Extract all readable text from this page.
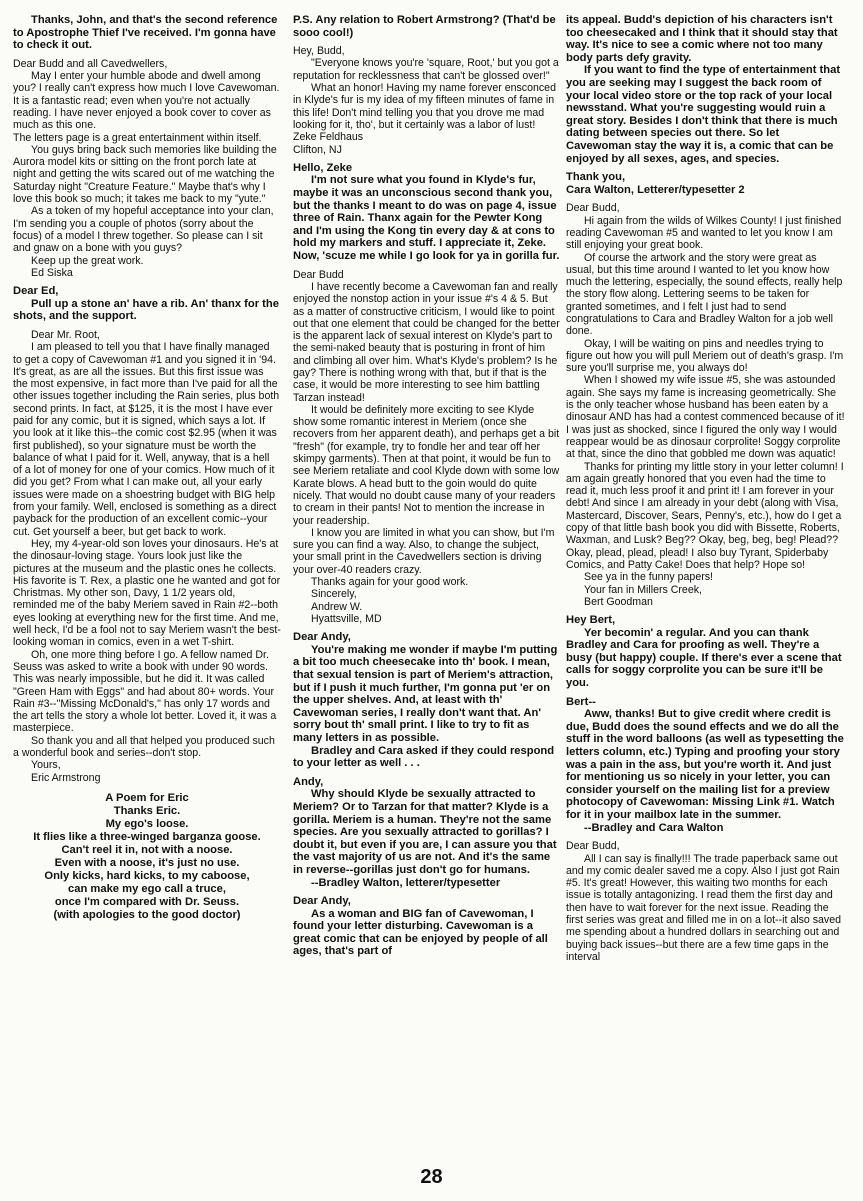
Thanks, John, and that's the second reference to Apostrophe Thief I've received. I'm gonna have to check it out.

Dear Budd and all Cavedwellers,

May I enter your humble abode and dwell among you? I really can't express how much I love Cavewoman. It is a fantastic read; even when you're not actually reading. I have never enjoyed a book cover to cover as much as this one.

The letters page is a great entertainment within itself.

You guys bring back such memories like building the Aurora model kits or sitting on the front porch late at night and getting the wits scared out of me watching the Saturday night "Creature Feature." Maybe that's why I love this book so much; it takes me back to my "yute."

As a token of my hopeful acceptance into your clan, I'm sending you a couple of photos (sorry about the focus) of a model I threw together. So please can I sit and gnaw on a bone with you guys?

Keep up the great work.

Ed Siska

Dear Ed,

Pull up a stone an' have a rib. An' thanx for the shots, and the support.

Dear Mr. Root,

I am pleased to tell you that I have finally managed to get a copy of Cavewoman #1 and you signed it in '94. It's great, as are all the issues. But this first issue was the most expensive, in fact more than I've paid for all the other issues together including the Rain series, plus both second prints. In fact, at $125, it is the most I have ever paid for any comic, but it is signed, which says a lot. If you look at it like this--the comic cost $2.95 (when it was first published), so your signature must be worth the balance of what I paid for it. Well, anyway, that is a hell of a lot of money for one of your comics. How much of it did you get? From what I can make out, all your early issues were made on a shoestring budget with BIG help from your family. Well, enclosed is something as a direct payback for the production of an excellent comic--your cut. Get yourself a beer, but get back to work.

Hey, my 4-year-old son loves your dinosaurs. He's at the dinosaur-loving stage. Yours look just like the pictures at the museum and the plastic ones he collects. His favorite is T. Rex, a plastic one he wanted and got for Christmas. My other son, Davy, 1 1/2 years old, reminded me of the baby Meriem saved in Rain #2--both eyes looking at everything new for the first time. And me, well heck, I'd be a fool not to say Meriem wasn't the best-looking woman in comics, even in a wet T-shirt.

Oh, one more thing before I go. A fellow named Dr. Seuss was asked to write a book with under 90 words. This was nearly impossible, but he did it. It was called "Green Ham with Eggs" and had about 80+ words. Your Rain #3--"Missing McDonald's," has only 17 words and the art tells the story a whole lot better. Loved it, it was a masterpiece.

So thank you and all that helped you produced such a wonderful book and series--don't stop.

Yours,

Eric Armstrong

A Poem for Eric
Thanks Eric.
My ego's loose.
It flies like a three-winged barganza goose.
Can't reel it in, not with a noose.
Even with a noose, it's just no use.
Only kicks, hard kicks, to my caboose,
can make my ego call a truce,
once I'm compared with Dr. Seuss.
(with apologies to the good doctor)

P.S. Any relation to Robert Armstrong? (That'd be sooo cool!)

Hey, Budd,

"Everyone knows you're 'square, Root,' but you got a reputation for recklessness that can't be glossed over!"

What an honor! Having my name forever ensconced in Klyde's fur is my idea of my fifteen minutes of fame in this life! Don't mind telling you that you drove me mad looking for it, tho', but it certainly was a labor of lust!

Zeke Feldhaus

Clifton, NJ

Hello, Zeke

I'm not sure what you found in Klyde's fur, maybe it was an unconscious second thank you, but the thanks I meant to do was on page 4, issue three of Rain. Thanx again for the Pewter Kong and I'm using the Kong tin every day & at cons to hold my markers and stuff. I appreciate it, Zeke. Now, 'scuze me while I go look for ya in gorilla fur.

Dear Budd

I have recently become a Cavewoman fan and really enjoyed the nonstop action in your issue #'s 4 & 5. But as a matter of constructive criticism, I would like to point out that one element that could be changed for the better is the apparent lack of sexual interest on Klyde's part to the semi-naked beauty that is posturing in front of him and climbing all over him. What's Klyde's problem? Is he gay? There is nothing wrong with that, but if that is the case, it would be more interesting to see him battling Tarzan instead!

It would be definitely more exciting to see Klyde show some romantic interest in Meriem (once she recovers from her apparent death), and perhaps get a bit "fresh" (for example, try to fondle her and tear off her skimpy garments). Then at that point, it would be fun to see Meriem retaliate and cool Klyde down with some low Karate blows. A head butt to the goin would do quite nicely. That would no doubt cause many of your readers to cream in their pants! Not to mention the increase in your readership.

I know you are limited in what you can show, but I'm sure you can find a way. Also, to change the subject, your small print in the Cavedwellers section is driving your over-40 readers crazy.

Thanks again for your good work.

Sincerely,

Andrew W.

Hyattsville, MD

Dear Andy,

You're making me wonder if maybe I'm putting a bit too much cheesecake into th' book. I mean, that sexual tension is part of Meriem's attraction, but if I push it much further, I'm gonna put 'er on the upper shelves. And, at least with th' Cavewoman series, I really don't want that. An' sorry bout th' small print. I like to try to fit as many letters in as possible.

Bradley and Cara asked if they could respond to your letter as well . . .

Andy,

Why should Klyde be sexually attracted to Meriem? Or to Tarzan for that matter? Klyde is a gorilla. Meriem is a human. They're not the same species. Are you sexually attracted to gorillas? I doubt it, but even if you are, I can assure you that the vast majority of us are not. And it's the same in reverse--gorillas just don't go for humans.

--Bradley Walton, letterer/typesetter

Dear Andy,

As a woman and BIG fan of Cavewoman, I found your letter disturbing. Cavewoman is a great comic that can be enjoyed by people of all ages, that's part of

its appeal. Budd's depiction of his characters isn't too cheesecaked and I think that it should stay that way. It's nice to see a comic where not too many body parts defy gravity.

If you want to find the type of entertainment that you are seeking may I suggest the back room of your local video store or the top rack of your local newsstand. What you're suggesting would ruin a great story. Besides I don't think that there is much dating between species out there. So let Cavewoman stay the way it is, a comic that can be enjoyed by all sexes, ages, and species.

Thank you,

Cara Walton, Letterer/typesetter 2

Dear Budd,

Hi again from the wilds of Wilkes County! I just finished reading Cavewoman #5 and wanted to let you know I am still enjoying your great book.

Of course the artwork and the story were great as usual, but this time around I wanted to let you know how much the lettering, especially, the sound effects, really help the story flow along. Lettering seems to be taken for granted sometimes, and I felt I just had to send congratulations to Cara and Bradley Walton for a job well done.

Okay, I will be waiting on pins and needles trying to figure out how you will pull Meriem out of death's grasp. I'm sure you'll surprise me, you always do!

When I showed my wife issue #5, she was astounded again. She says my fame is increasing geometrically. She is the only teacher whose husband has been eaten by a dinosaur AND has had a contest commenced because of it! I was just as shocked, since I figured the only way I would reappear would be as dinosaur corprolite! Soggy corprolite at that, since the dino that gobbled me down was aquatic!

Thanks for printing my little story in your letter column! I am again greatly honored that you even had the time to read it, much less proof it and print it! I am forever in your debt! And since I am already in your debt (along with Visa, Mastercard, Discover, Sears, Penny's, etc.), how do I get a copy of that little bash book you did with Bissette, Roberts, Waxman, and Lusk? Beg?? Okay, beg, beg, beg! Plead?? Okay, plead, plead, plead! I also buy Tyrant, Spiderbaby Comics, and Patty Cake! Does that help? Hope so!

See ya in the funny papers!

Your fan in Millers Creek,

Bert Goodman

Hey Bert,

Yer becomin' a regular. And you can thank Bradley and Cara for proofing as well. They're a busy (but happy) couple. If there's ever a scene that calls for soggy corprolite you can be sure it'll be you.

Bert--

Aww, thanks! But to give credit where credit is due, Budd does the sound effects and we do all the stuff in the word balloons (as well as typesetting the letters column, etc.) Typing and proofing your story was a pain in the ass, but you're worth it. And just for mentioning us so nicely in your letter, you can consider yourself on the mailing list for a preview photocopy of Cavewoman: Missing Link #1. Watch for it in your mailbox late in the summer.

--Bradley and Cara Walton

Dear Budd,

All I can say is finally!!! The trade paperback same out and my comic dealer saved me a copy. Also I just got Rain #5. It's great! However, this waiting two months for each issue is totally antagonizing. I read them the first day and then have to wait forever for the next issue. Reading the first series was great and filled me in on a lot--it also saved me spending about a hundred dollars in searching out and buying back issues--but there are a few time gaps in the interval

28
